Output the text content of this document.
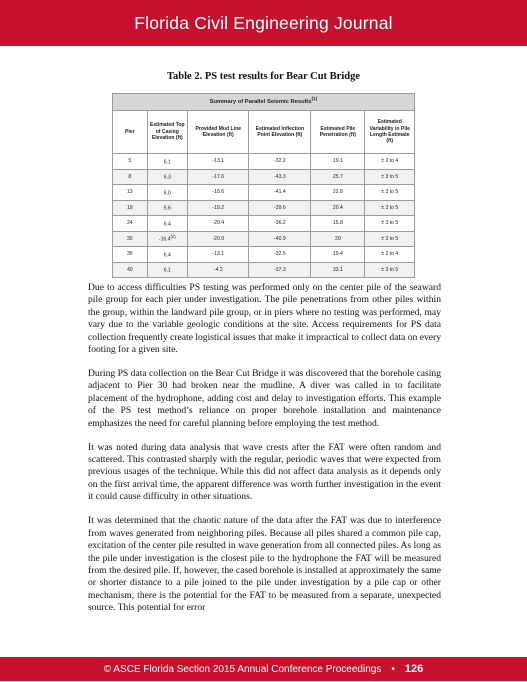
Florida Civil Engineering Journal
Table 2. PS test results for Bear Cut Bridge
Summary of Parallel Seismic Results$^{(1)}$
Pier	Estimated Top of Casing Elevation (ft)	Provided Mud Line Elevation (ft)	Estimated Inflection Point Elevation (ft)	Estimated Pile Penetration (ft)	Estimated Variability in Pile Length Estimate (ft)
5	6.1	-13.1	-32.2	19.1	± 2 to 4
8	6.3	-17.6	-43.3	25.7	± 3 to 5
13	5.0	-18.6	-41.4	22.8	± 3 to 5
19	5.6	-19.2	-39.6	20.4	± 3 to 5
24	6.4	-20.4	-36.2	15.8	± 3 to 5
30	-16.4$^{(2)}$	-20.9	-40.9	20	± 3 to 5
35	6.4	-13.1	-32.5	19.4	± 2 to 4
40	6.1	-4.2	-37.3	33.1	± 3 to 5

Due to access difficulties PS testing was performed only on the center pile of the seaward pile group for each pier under investigation. The pile penetrations from other piles within the group, within the landward pile group, or in piers where no testing was performed, may vary due to the variable geologic conditions at the site. Access requirements for PS data collection frequently create logistical issues that make it impractical to collect data on every footing for a given site.

During PS data collection on the Bear Cut Bridge it was discovered that the borehole casing adjacent to Pier 30 had broken near the mudline. A diver was called in to facilitate placement of the hydrophone, adding cost and delay to investigation efforts. This example of the PS test method’s reliance on proper borehole installation and maintenance emphasizes the need for careful planning before employing the test method.

It was noted during data analysis that wave crests after the FAT were often random and scattered. This contrasted sharply with the regular, periodic waves that were expected from previous usages of the technique. While this did not affect data analysis as it depends only on the first arrival time, the apparent difference was worth further investigation in the event it could cause difficulty in other situations.

It was determined that the chaotic nature of the data after the FAT was due to interference from waves generated from neighboring piles. Because all piles shared a common pile cap, excitation of the center pile resulted in wave generation from all connected piles. As long as the pile under investigation is the closest pile to the hydrophone the FAT will be measured from the desired pile. If, however, the cased borehole is installed at approximately the same or shorter distance to a pile joined to the pile under investigation by a pile cap or other mechanism, there is the potential for the FAT to be measured from a separate, unexpected source. This potential for error

© ASCE Florida Section 2015 Annual Conference Proceedings • 126
